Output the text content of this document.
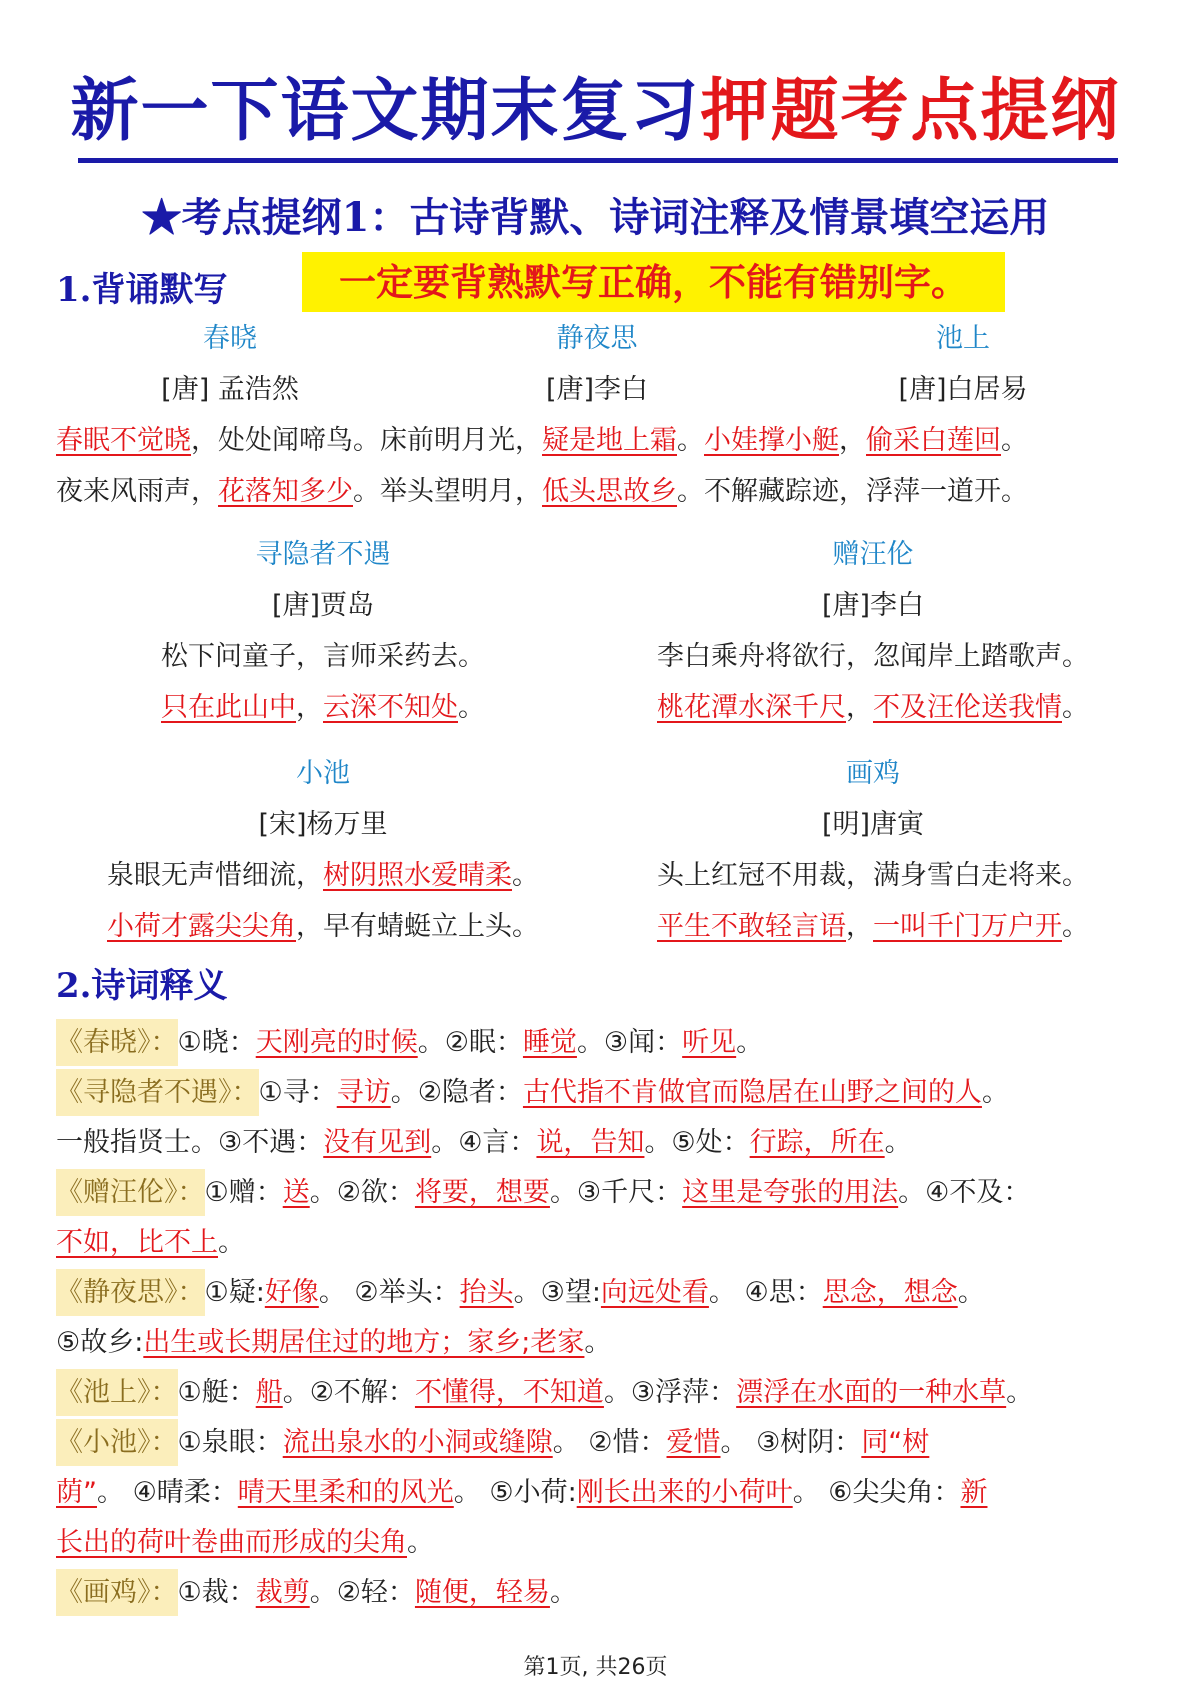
新一下语文期末复习押题考点提纲
★考点提纲1：古诗背默、诗词注释及情景填空运用
1.背诵默写	一定要背熟默写正确，不能有错别字。
春晓	静夜思	池上
[唐] 孟浩然	[唐]李白	[唐]白居易
春眠不觉晓，处处闻啼鸟。床前明月光，疑是地上霜。小娃撑小艇，偷采白莲回。
夜来风雨声，花落知多少。举头望明月，低头思故乡。不解藏踪迹，浮萍一道开。
寻隐者不遇	赠汪伦
[唐]贾岛	[唐]李白
松下问童子，言师采药去。	李白乘舟将欲行，忽闻岸上踏歌声。
只在此山中，云深不知处。	桃花潭水深千尺，不及汪伦送我情。
小池	画鸡
[宋]杨万里	[明]唐寅
泉眼无声惜细流，树阴照水爱晴柔。	头上红冠不用裁，满身雪白走将来。
小荷才露尖尖角，早有蜻蜓立上头。	平生不敢轻言语，一叫千门万户开。
2.诗词释义
《春晓》：①晓：天刚亮的时候。②眠：睡觉。③闻：听见。
《寻隐者不遇》：①寻：寻访。②隐者：古代指不肯做官而隐居在山野之间的人。
一般指贤士。③不遇：没有见到。④言：说，告知。⑤处：行踪，所在。
《赠汪伦》：①赠：送。②欲：将要，想要。③千尺：这里是夸张的用法。④不及：
不如，比不上。
《静夜思》：①疑:好像。 ②举头：抬头。③望:向远处看。 ④思：思念，想念。
⑤故乡:出生或长期居住过的地方；家乡;老家。
《池上》：①艇：船。②不解：不懂得，不知道。③浮萍：漂浮在水面的一种水草。
《小池》：①泉眼：流出泉水的小洞或缝隙。 ②惜：爱惜。 ③树阴：同“树
荫”。 ④晴柔：晴天里柔和的风光。 ⑤小荷:刚长出来的小荷叶。 ⑥尖尖角：新
长出的荷叶卷曲而形成的尖角。
《画鸡》：①裁：裁剪。②轻：随便，轻易。
第1页, 共26页
